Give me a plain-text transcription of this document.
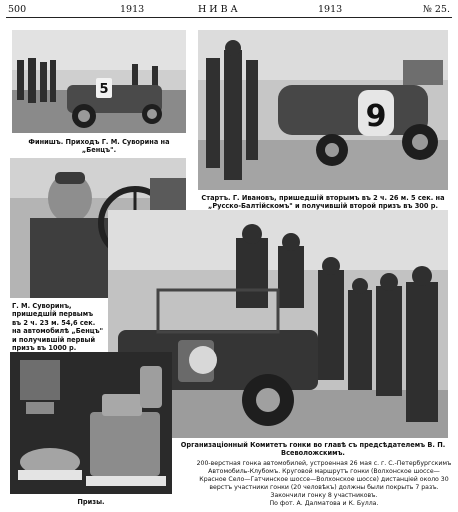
500	1913	НИВА	1913	№ 25.
5
Финишъ. Приходъ Г. М. Суворина на „Бенцъ".
9
Стартъ. Г. Ивановъ, пришедшій вторымъ въ 2 ч. 26 м. 5 сек. на „Русско-Балтійскомъ" и получившій второй призъ въ 300 р.
Г. М. Суворинъ, пришедшій первымъ въ 2 ч. 23 м. 54,6 сек. на автомобилѣ „Бенцъ" и получившій первый призъ въ 1000 р.
Призы.
Организаціонный Комитетъ гонки во главѣ съ предсѣдателемъ В. П. Всеволожскимъ.
200-верстная гонка автомобилей, устроенная 26 мая с. г. С.-Петербургскимъ Автомобиль-Клубомъ. Круговой маршрутъ гонки (Волхонское шоссе—Красное Село—Гатчинское шоссе—Волхонское шоссе) дистанціей около 30 верстъ участники гонки (20 человѣкъ) должны были покрыть 7 разъ. Закончили гонку 8 участниковъ.
По фот. А. Далматова и К. Булла.
